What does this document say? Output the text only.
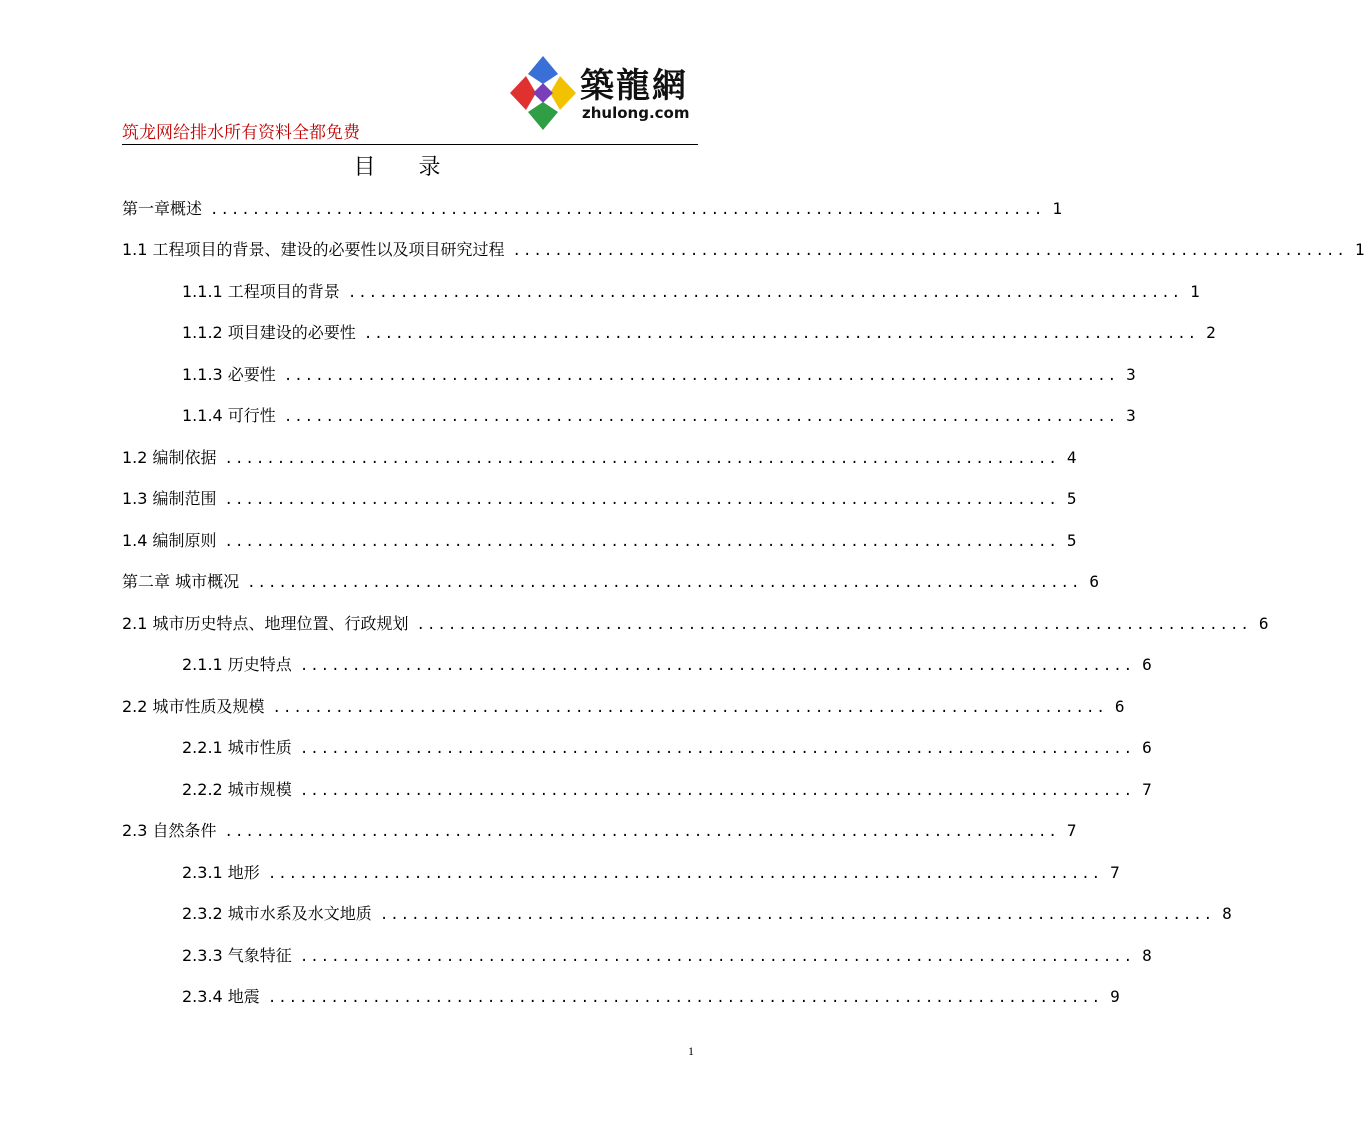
築龍網
zhulong.com
筑龙网给排水所有资料全都免费
目 录
第一章概述 ................................................................................ 1
1.1 工程项目的背景、建设的必要性以及项目研究过程 ................................................................................ 1
1.1.1 工程项目的背景 ................................................................................ 1
1.1.2 项目建设的必要性 ................................................................................ 2
1.1.3 必要性 ................................................................................ 3
1.1.4 可行性 ................................................................................ 3
1.2 编制依据 ................................................................................ 4
1.3 编制范围 ................................................................................ 5
1.4 编制原则 ................................................................................ 5
第二章 城市概况 ................................................................................ 6
2.1 城市历史特点、地理位置、行政规划 ................................................................................ 6
2.1.1 历史特点 ................................................................................ 6
2.2 城市性质及规模 ................................................................................ 6
2.2.1 城市性质 ................................................................................ 6
2.2.2 城市规模 ................................................................................ 7
2.3 自然条件 ................................................................................ 7
2.3.1 地形 ................................................................................ 7
2.3.2 城市水系及水文地质 ................................................................................ 8
2.3.3 气象特征 ................................................................................ 8
2.3.4 地震 ................................................................................ 9
1
